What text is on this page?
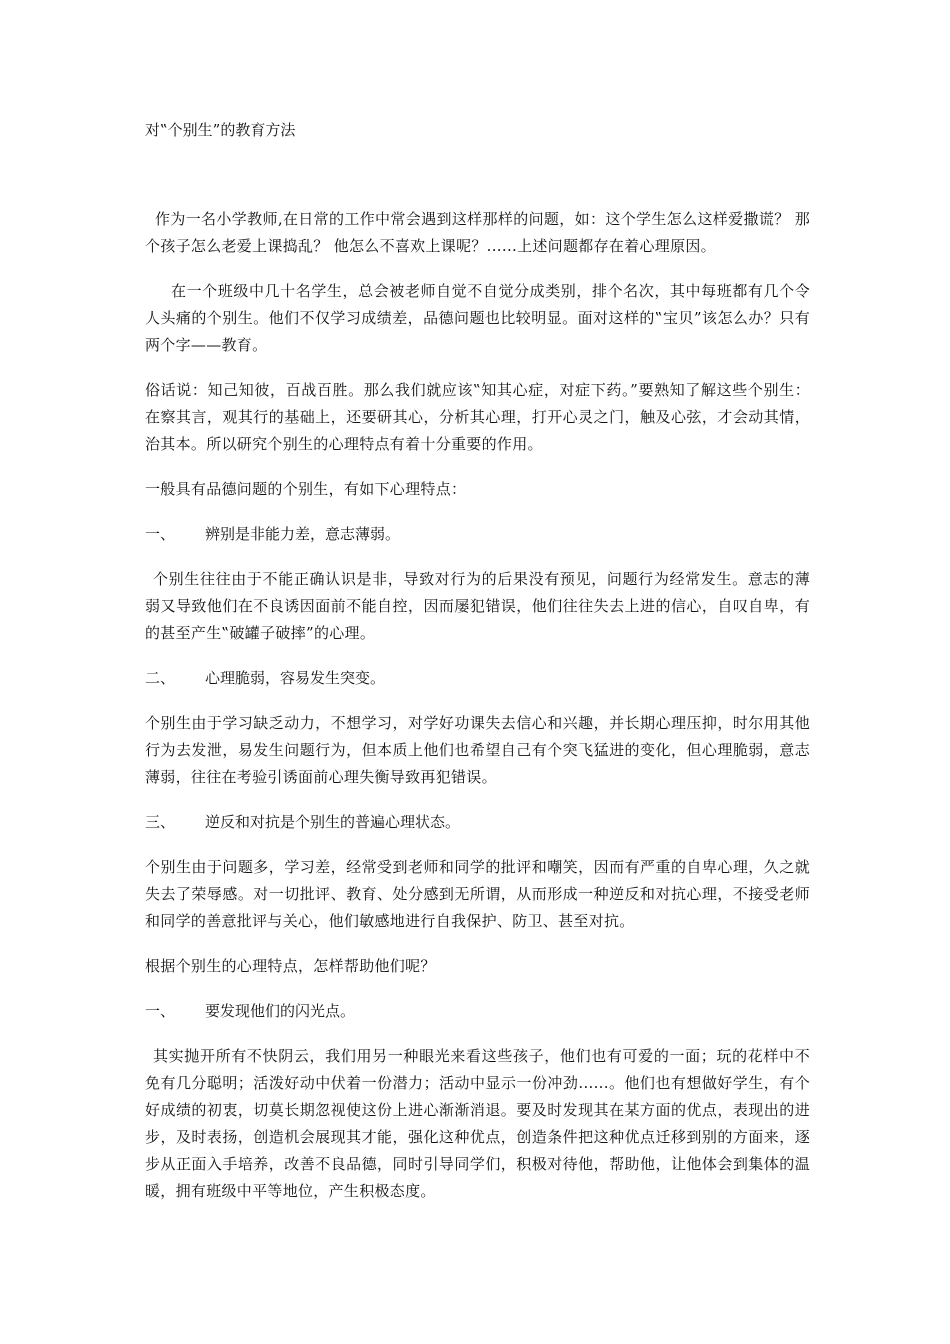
对‟个别生”的教育方法

作为一名小学教师,在日常的工作中常会遇到这样那样的问题，如：这个学生怎么这样爱撒谎？ 那个孩子怎么老爱上课捣乱？ 他怎么不喜欢上课呢？......上述问题都存在着心理原因。

在一个班级中几十名学生，总会被老师自觉不自觉分成类别，排个名次，其中每班都有几个令人头痛的个别生。他们不仅学习成绩差，品德问题也比较明显。面对这样的‟宝贝”该怎么办？只有两个字——教育。

俗话说：知己知彼，百战百胜。那么我们就应该‟知其心症，对症下药。”要熟知了解这些个别生：在察其言，观其行的基础上，还要研其心，分析其心理，打开心灵之门，触及心弦，才会动其情，治其本。所以研究个别生的心理特点有着十分重要的作用。

一般具有品德问题的个别生，有如下心理特点：

一、 辨别是非能力差，意志薄弱。

个别生往往由于不能正确认识是非，导致对行为的后果没有预见，问题行为经常发生。意志的薄弱又导致他们在不良诱因面前不能自控，因而屡犯错误，他们往往失去上进的信心，自叹自卑，有的甚至产生‟破罐子破摔”的心理。

二、 心理脆弱，容易发生突变。

个别生由于学习缺乏动力，不想学习，对学好功课失去信心和兴趣，并长期心理压抑，时尔用其他行为去发泄，易发生问题行为，但本质上他们也希望自己有个突飞猛进的变化，但心理脆弱，意志薄弱，往往在考验引诱面前心理失衡导致再犯错误。

三、 逆反和对抗是个别生的普遍心理状态。

个别生由于问题多，学习差，经常受到老师和同学的批评和嘲笑，因而有严重的自卑心理，久之就失去了荣辱感。对一切批评、教育、处分感到无所谓，从而形成一种逆反和对抗心理，不接受老师和同学的善意批评与关心，他们敏感地进行自我保护、防卫、甚至对抗。

根据个别生的心理特点，怎样帮助他们呢？

一、 要发现他们的闪光点。

其实抛开所有不快阴云，我们用另一种眼光来看这些孩子，他们也有可爱的一面；玩的花样中不免有几分聪明；活泼好动中伏着一份潜力；活动中显示一份冲劲......。他们也有想做好学生，有个好成绩的初衷，切莫长期忽视使这份上进心渐渐消退。要及时发现其在某方面的优点，表现出的进步，及时表扬，创造机会展现其才能，强化这种优点，创造条件把这种优点迁移到别的方面来，逐步从正面入手培养，改善不良品德，同时引导同学们，积极对待他，帮助他，让他体会到集体的温暖，拥有班级中平等地位，产生积极态度。
